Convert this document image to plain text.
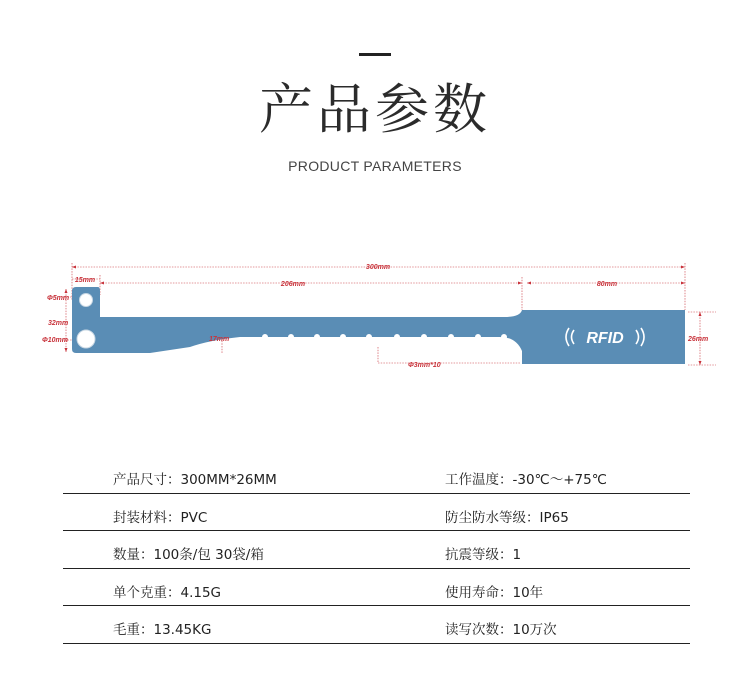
产品参数
PRODUCT PARAMETERS
RFID
300mm
206mm	80mm
15mm
Φ5mm
32mm
Φ10mm	17mm	26mm
Φ3mm*10
产品尺寸：300MM*26MM	工作温度：-30℃～+75℃
封装材料：PVC	防尘防水等级：IP65
数量：100条/包 30袋/箱	抗震等级：1
单个克重：4.15G	使用寿命：10年
毛重：13.45KG	读写次数：10万次
